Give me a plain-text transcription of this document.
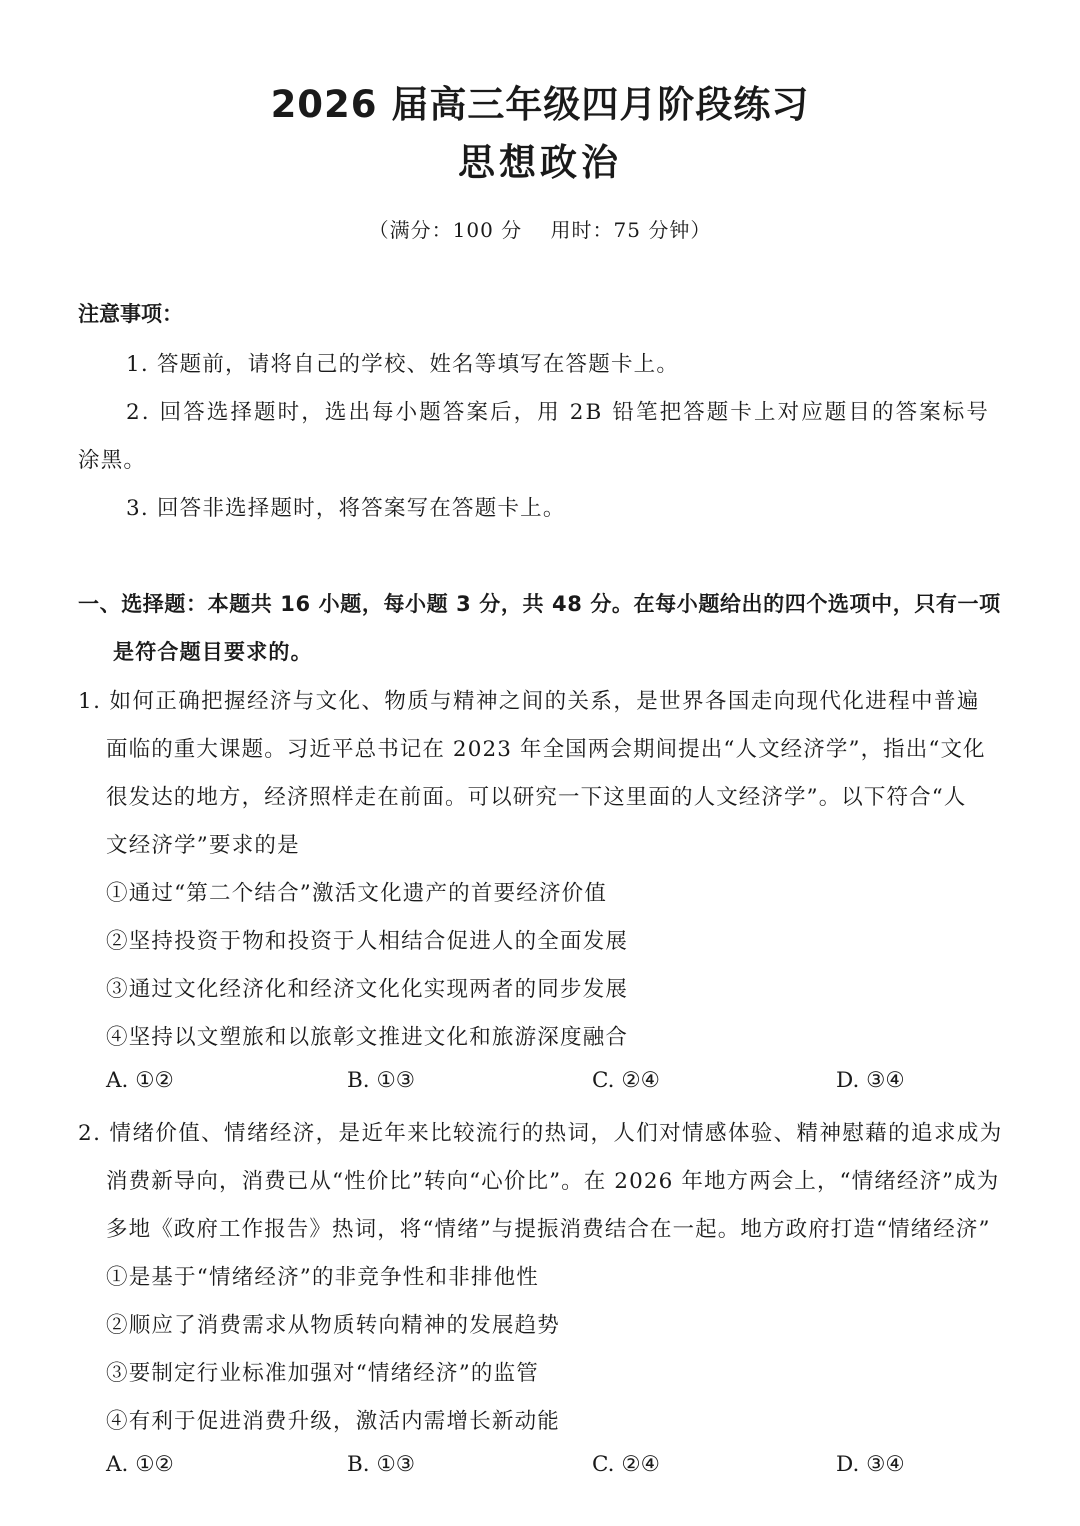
2026 届高三年级四月阶段练习
思想政治
（满分：100 分　 用时：75 分钟）
注意事项：
1. 答题前，请将自己的学校、姓名等填写在答题卡上。
2. 回答选择题时，选出每小题答案后，用 2B 铅笔把答题卡上对应题目的答案标号
涂黑。
3. 回答非选择题时，将答案写在答题卡上。
一、选择题：本题共 16 小题，每小题 3 分，共 48 分。在每小题给出的四个选项中，只有一项
是符合题目要求的。
1. 如何正确把握经济与文化、物质与精神之间的关系，是世界各国走向现代化进程中普遍
面临的重大课题。习近平总书记在 2023 年全国两会期间提出“人文经济学”，指出“文化
很发达的地方，经济照样走在前面。可以研究一下这里面的人文经济学”。以下符合“人
文经济学”要求的是
①通过“第二个结合”激活文化遗产的首要经济价值
②坚持投资于物和投资于人相结合促进人的全面发展
③通过文化经济化和经济文化化实现两者的同步发展
④坚持以文塑旅和以旅彰文推进文化和旅游深度融合
A. ①②	B. ①③	C. ②④	D. ③④
2. 情绪价值、情绪经济，是近年来比较流行的热词，人们对情感体验、精神慰藉的追求成为
消费新导向，消费已从“性价比”转向“心价比”。在 2026 年地方两会上，“情绪经济”成为
多地《政府工作报告》热词，将“情绪”与提振消费结合在一起。地方政府打造“情绪经济”
①是基于“情绪经济”的非竞争性和非排他性
②顺应了消费需求从物质转向精神的发展趋势
③要制定行业标准加强对“情绪经济”的监管
④有利于促进消费升级，激活内需增长新动能
A. ①②	B. ①③	C. ②④	D. ③④
